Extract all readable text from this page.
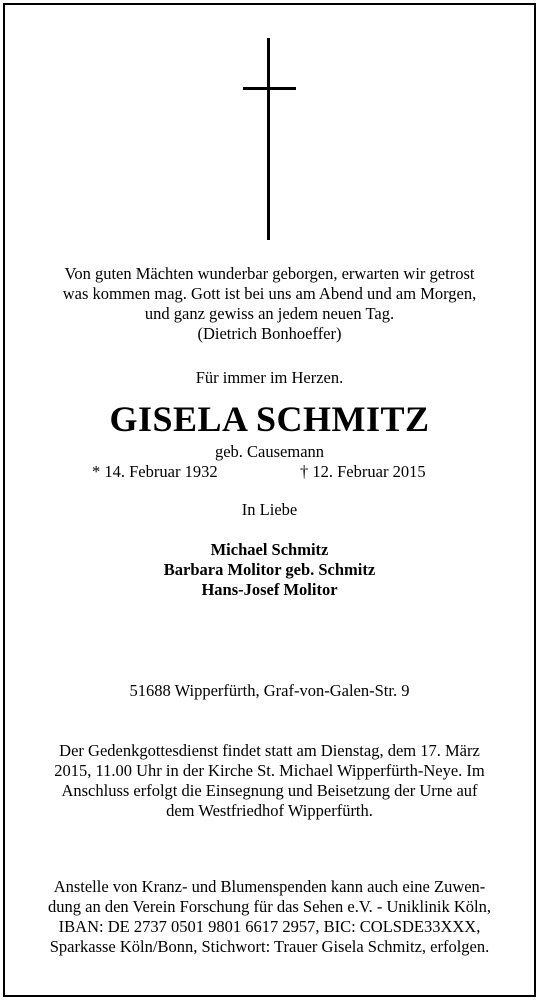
Von guten Mächten wunderbar geborgen, erwarten wir getrost
was kommen mag. Gott ist bei uns am Abend und am Morgen,
und ganz gewiss an jedem neuen Tag.
(Dietrich Bonhoeffer)
Für immer im Herzen.
GISELA SCHMITZ
geb. Causemann
* 14. Februar 1932	† 12. Februar 2015
In Liebe
Michael Schmitz
Barbara Molitor geb. Schmitz
Hans-Josef Molitor
51688 Wipperfürth, Graf-von-Galen-Str. 9
Der Gedenkgottesdienst findet statt am Dienstag, dem 17. März
2015, 11.00 Uhr in der Kirche St. Michael Wipperfürth-Neye. Im
Anschluss erfolgt die Einsegnung und Beisetzung der Urne auf
dem Westfriedhof Wipperfürth.
Anstelle von Kranz- und Blumenspenden kann auch eine Zuwen-
dung an den Verein Forschung für das Sehen e.V. - Uniklinik Köln,
IBAN: DE 2737 0501 9801 6617 2957, BIC: COLSDE33XXX,
Sparkasse Köln/Bonn, Stichwort: Trauer Gisela Schmitz, erfolgen.
